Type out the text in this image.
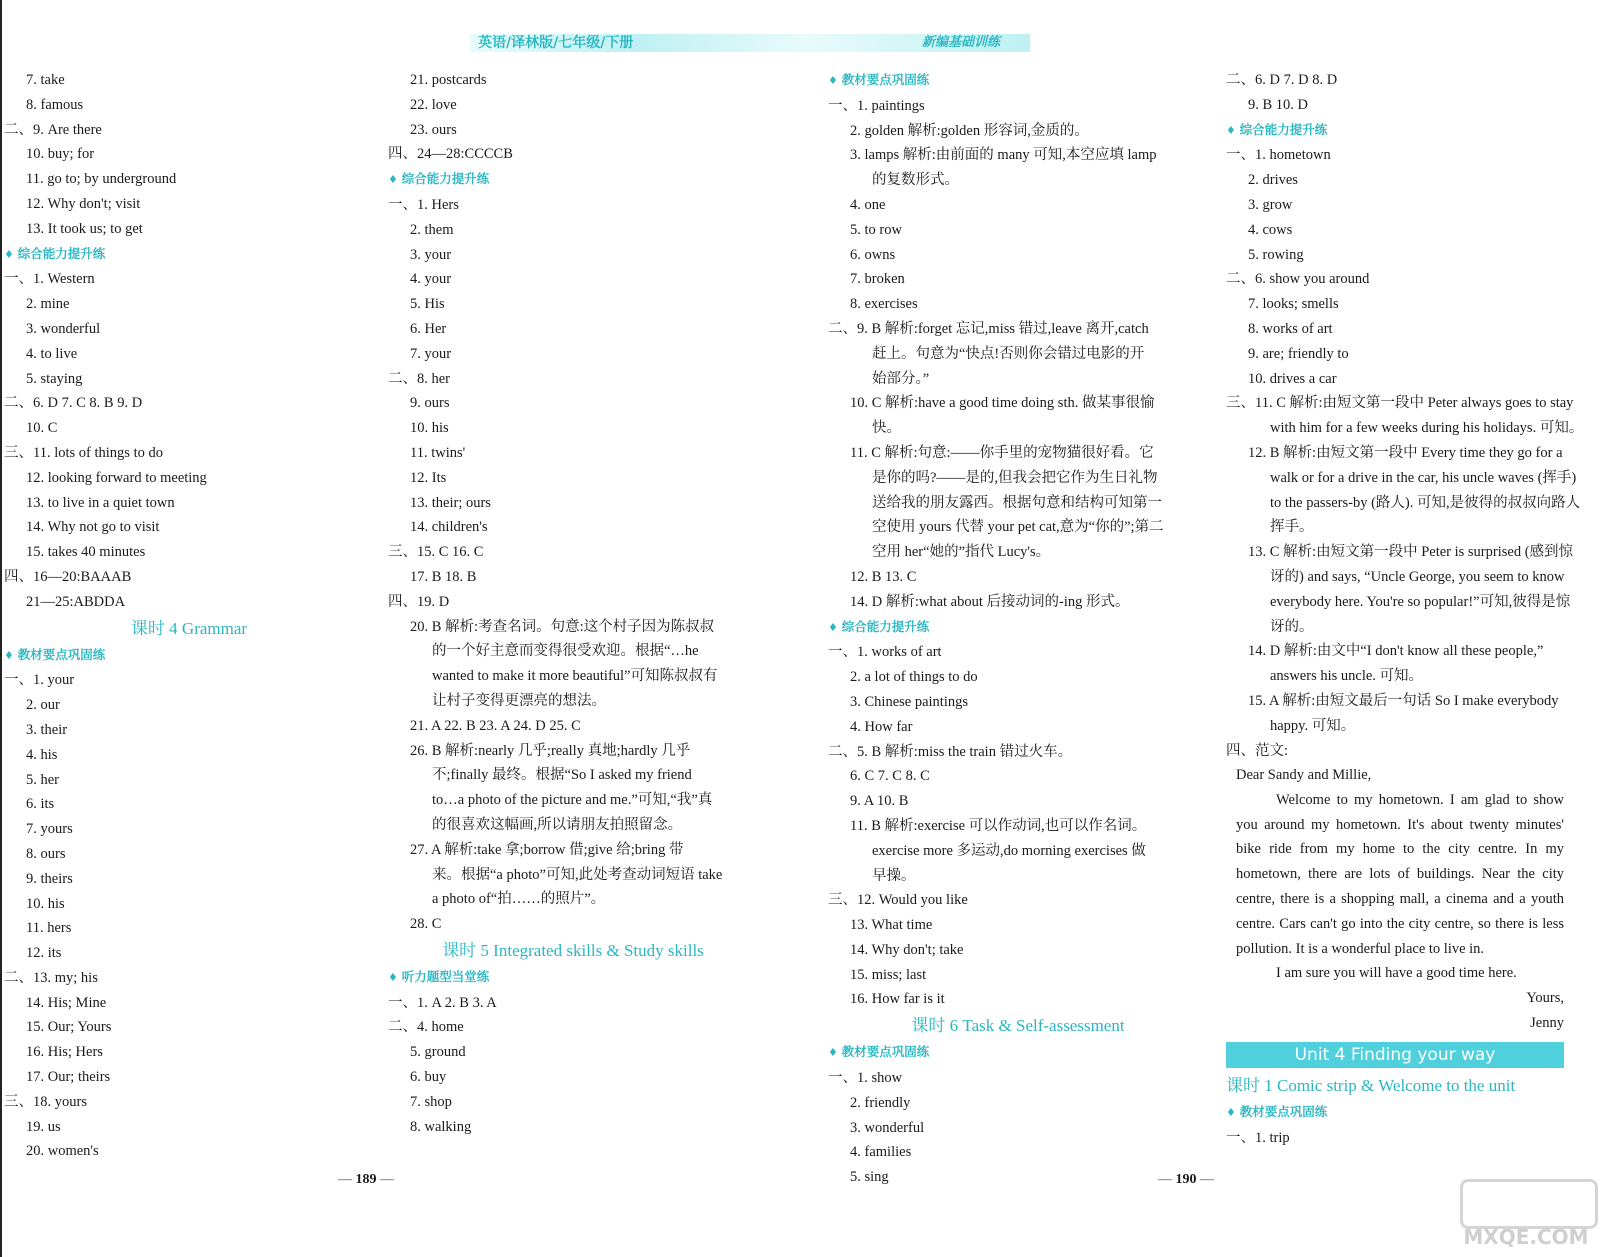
英语/译林版/七年级/下册	新编基础训练
7. take
8. famous
二、9. Are there
10. buy; for
11. go to; by underground
12. Why don't; visit
13. It took us; to get
♦ 综合能力提升练
一、1. Western
2. mine
3. wonderful
4. to live
5. staying
二、6. D 7. C 8. B 9. D
10. C
三、11. lots of things to do
12. looking forward to meeting
13. to live in a quiet town
14. Why not go to visit
15. takes 40 minutes
四、16—20:BAAAB
21—25:ABDDA
课时 4 Grammar
♦ 教材要点巩固练
一、1. your
2. our
3. their
4. his
5. her
6. its
7. yours
8. ours
9. theirs
10. his
11. hers
12. its
二、13. my; his
14. His; Mine
15. Our; Yours
16. His; Hers
17. Our; theirs
三、18. yours
19. us
20. women's
21. postcards
22. love
23. ours
四、24—28:CCCCB
♦ 综合能力提升练
一、1. Hers
2. them
3. your
4. your
5. His
6. Her
7. your
二、8. her
9. ours
10. his
11. twins'
12. Its
13. their; ours
14. children's
三、15. C 16. C
17. B 18. B
四、19. D
20. B 解析:考查名词。句意:这个村子因为陈叔叔
的一个好主意而变得很受欢迎。根据“…he
wanted to make it more beautiful”可知陈叔叔有
让村子变得更漂亮的想法。
21. A 22. B 23. A 24. D 25. C
26. B 解析:nearly 几乎;really 真地;hardly 几乎
不;finally 最终。根据“So I asked my friend
to…a photo of the picture and me.”可知,“我”真
的很喜欢这幅画,所以请朋友拍照留念。
27. A 解析:take 拿;borrow 借;give 给;bring 带
来。根据“a photo”可知,此处考查动词短语 take
a photo of“拍……的照片”。
28. C
课时 5 Integrated skills & Study skills
♦ 听力题型当堂练
一、1. A 2. B 3. A
二、4. home
5. ground
6. buy
7. shop
8. walking
♦ 教材要点巩固练
一、1. paintings
2. golden 解析:golden 形容词,金质的。
3. lamps 解析:由前面的 many 可知,本空应填 lamp
的复数形式。
4. one
5. to row
6. owns
7. broken
8. exercises
二、9. B 解析:forget 忘记,miss 错过,leave 离开,catch
赶上。句意为“快点!否则你会错过电影的开
始部分。”
10. C 解析:have a good time doing sth. 做某事很愉
快。
11. C 解析:句意:——你手里的宠物猫很好看。它
是你的吗?——是的,但我会把它作为生日礼物
送给我的朋友露西。根据句意和结构可知第一
空使用 yours 代替 your pet cat,意为“你的”;第二
空用 her“她的”指代 Lucy's。
12. B 13. C
14. D 解析:what about 后接动词的-ing 形式。
♦ 综合能力提升练
一、1. works of art
2. a lot of things to do
3. Chinese paintings
4. How far
二、5. B 解析:miss the train 错过火车。
6. C 7. C 8. C
9. A 10. B
11. B 解析:exercise 可以作动词,也可以作名词。
exercise more 多运动,do morning exercises 做
早操。
三、12. Would you like
13. What time
14. Why don't; take
15. miss; last
16. How far is it
课时 6 Task & Self-assessment
♦ 教材要点巩固练
一、1. show
2. friendly
3. wonderful
4. families
5. sing
二、6. D 7. D 8. D
9. B 10. D
♦ 综合能力提升练
一、1. hometown
2. drives
3. grow
4. cows
5. rowing
二、6. show you around
7. looks; smells
8. works of art
9. are; friendly to
10. drives a car
三、11. C 解析:由短文第一段中 Peter always goes to stay
with him for a few weeks during his holidays. 可知。
12. B 解析:由短文第一段中 Every time they go for a
walk or for a drive in the car, his uncle waves (挥手)
to the passers-by (路人). 可知,是彼得的叔叔向路人
挥手。
13. C 解析:由短文第一段中 Peter is surprised (感到惊
讶的) and says, “Uncle George, you seem to know
everybody here. You're so popular!”可知,彼得是惊
讶的。
14. D 解析:由文中“I don't know all these people,”
answers his uncle. 可知。
15. A 解析:由短文最后一句话 So I make everybody
happy. 可知。
四、范文:
Dear Sandy and Millie,
Welcome to my hometown. I am glad to show you around my hometown. It's about twenty minutes' bike ride from my home to the city centre. In my hometown, there are lots of buildings. Near the city centre, there is a shopping mall, a cinema and a youth centre. Cars can't go into the city centre, so there is less pollution. It is a wonderful place to live in.
I am sure you will have a good time here.
Yours,
Jenny
Unit 4 Finding your way
课时 1 Comic strip & Welcome to the unit
♦ 教材要点巩固练
一、1. trip
— 189 —	— 190 —
MXQE.COM
